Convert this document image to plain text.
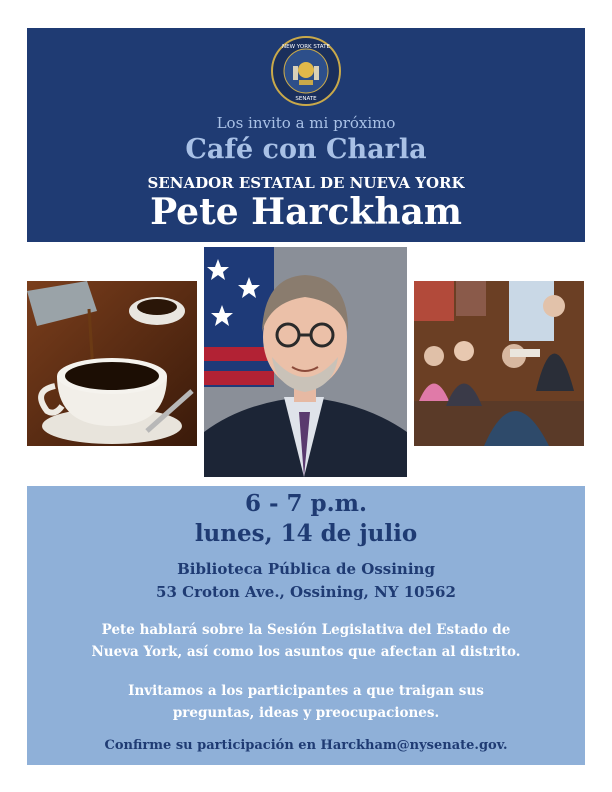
NEW YORK STATE
SENATE
Los invito a mi próximo
Café con Charla
SENADOR ESTATAL DE NUEVA YORK
Pete Harckham
6 - 7 p.m.
lunes, 14 de julio
Biblioteca Pública de Ossining
53 Croton Ave., Ossining, NY 10562
Pete hablará sobre la Sesión Legislativa del Estado de
Nueva York, así como los asuntos que afectan al distrito.
Invitamos a los participantes a que traigan sus
preguntas, ideas y preocupaciones.
Confirme su participación en Harckham@nysenate.gov.
